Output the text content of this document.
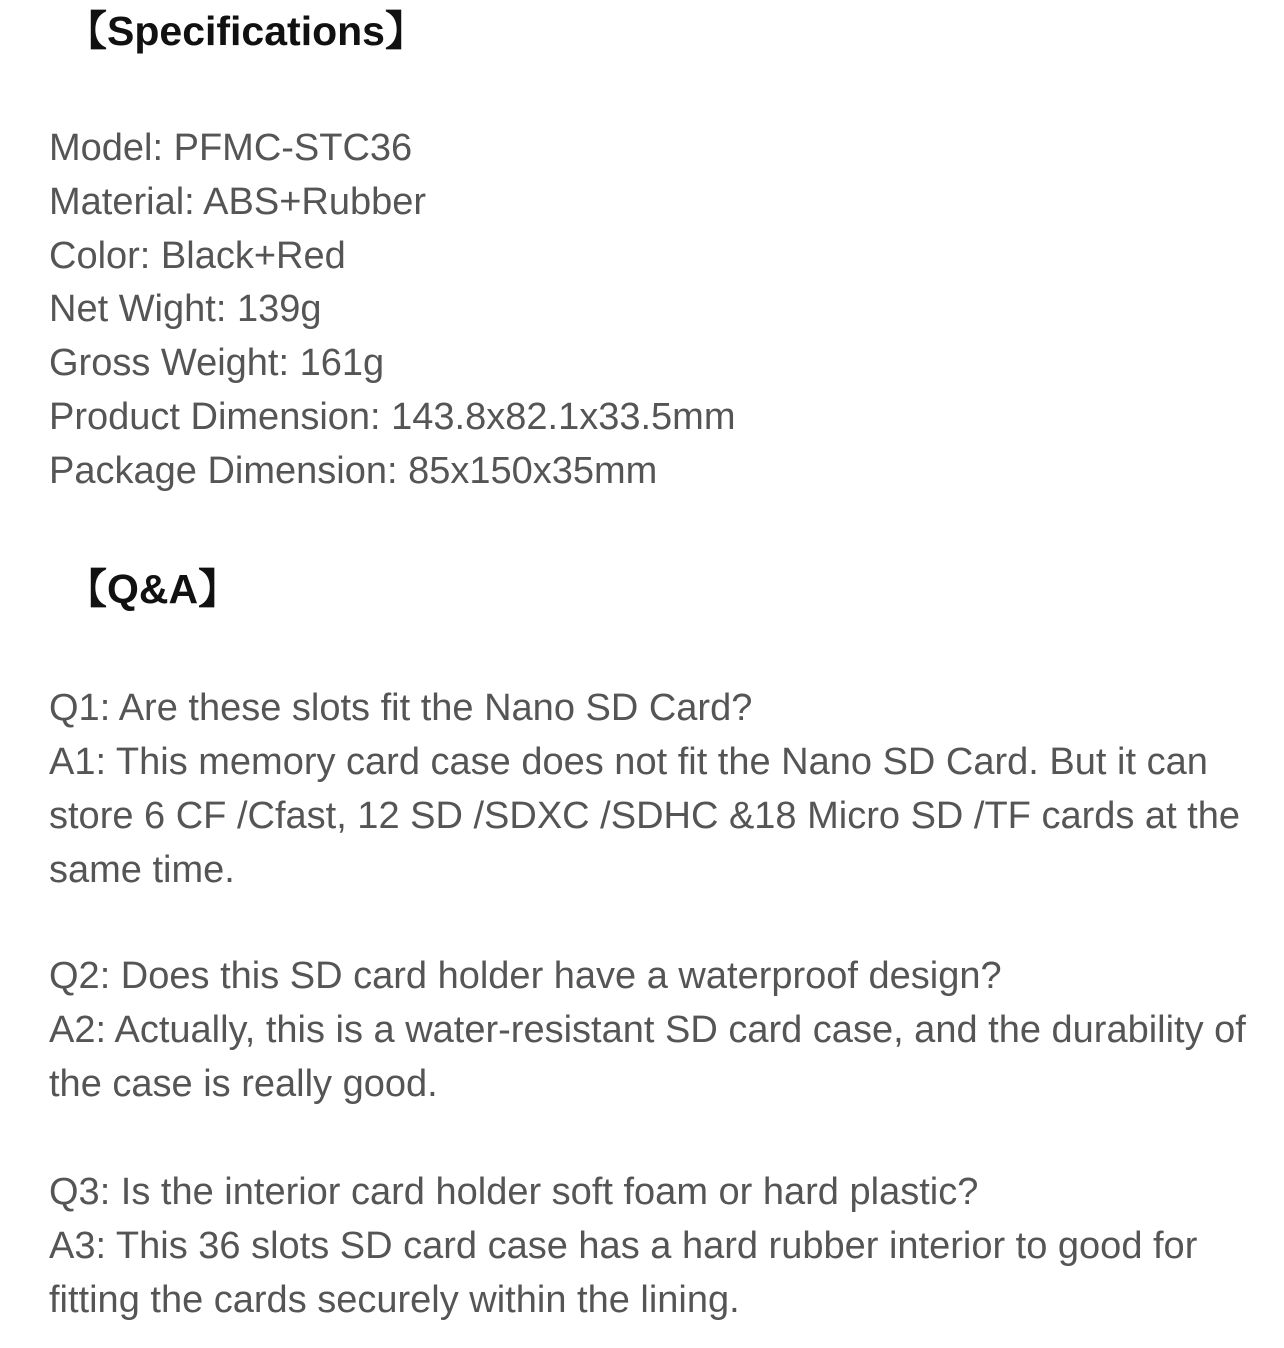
【Specifications】
Model: PFMC-STC36
Material: ABS+Rubber
Color: Black+Red
Net Wight: 139g
Gross Weight: 161g
Product Dimension: 143.8x82.1x33.5mm
Package Dimension: 85x150x35mm
【Q&A】

Q1: Are these slots fit the Nano SD Card?

A1: This memory card case does not fit the Nano SD Card. But it can store 6 CF /Cfast, 12 SD /SDXC /SDHC &18 Micro SD /TF cards at the same time.

Q2: Does this SD card holder have a waterproof design?

A2: Actually, this is a water-resistant SD card case, and the durability of the case is really good.

Q3: Is the interior card holder soft foam or hard plastic?

A3: This 36 slots SD card case has a hard rubber interior to good for fitting the cards securely within the lining.
